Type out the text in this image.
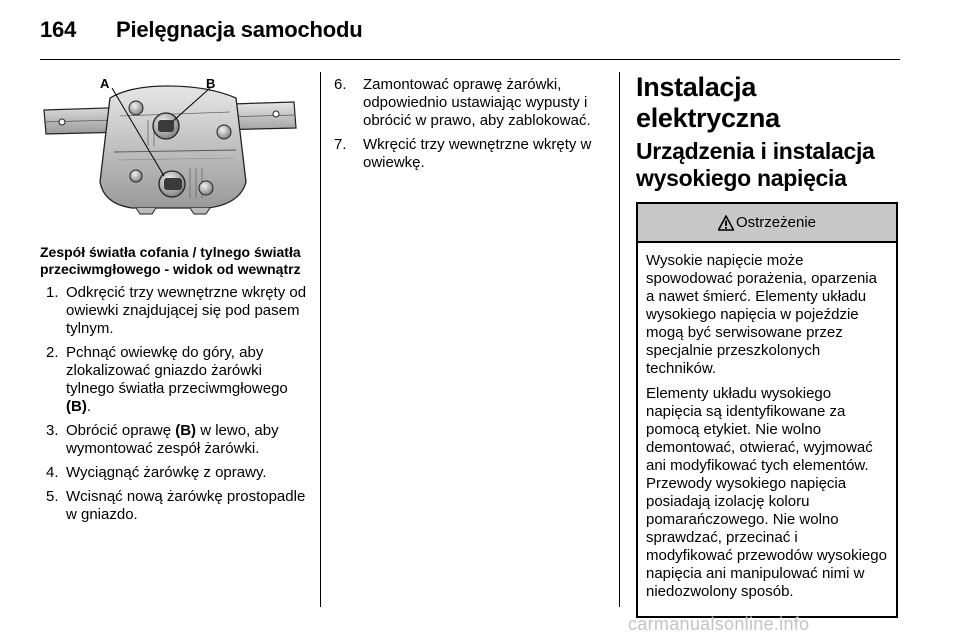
164 Pielęgnacja samochodu
A	B

Zespół światła cofania / tylnego światła przeciwmgłowego - widok od wewnątrz

1. Odkręcić trzy wewnętrzne wkręty od owiewki znajdującej się pod pasem tylnym.
2. Pchnąć owiewkę do góry, aby zlokalizować gniazdo żarówki tylnego światła przeciwmgłowego (B).
3. Obrócić oprawę (B) w lewo, aby wymontować zespół żarówki.
4. Wyciągnąć żarówkę z oprawy.
5. Wcisnąć nową żarówkę prostopadle w gniazdo.
6. Zamontować oprawę żarówki, odpowiednio ustawiając wypusty i obrócić w prawo, aby zablokować.
7. Wkręcić trzy wewnętrzne wkręty w owiewkę.
Instalacja elektryczna
Urządzenia i instalacja wysokiego napięcia
Ostrzeżenie

Wysokie napięcie może spowodować porażenia, oparzenia a nawet śmierć. Elementy układu wysokiego napięcia w pojeździe mogą być serwisowane przez specjalnie przeszkolonych techników.

Elementy układu wysokiego napięcia są identyfikowane za pomocą etykiet. Nie wolno demontować, otwierać, wyjmować ani modyfikować tych elementów. Przewody wysokiego napięcia posiadają izolację koloru pomarańczowego. Nie wolno sprawdzać, przecinać i modyfikować przewodów wysokiego napięcia ani manipulować nimi w niedozwolony sposób.

carmanualsonline.info
